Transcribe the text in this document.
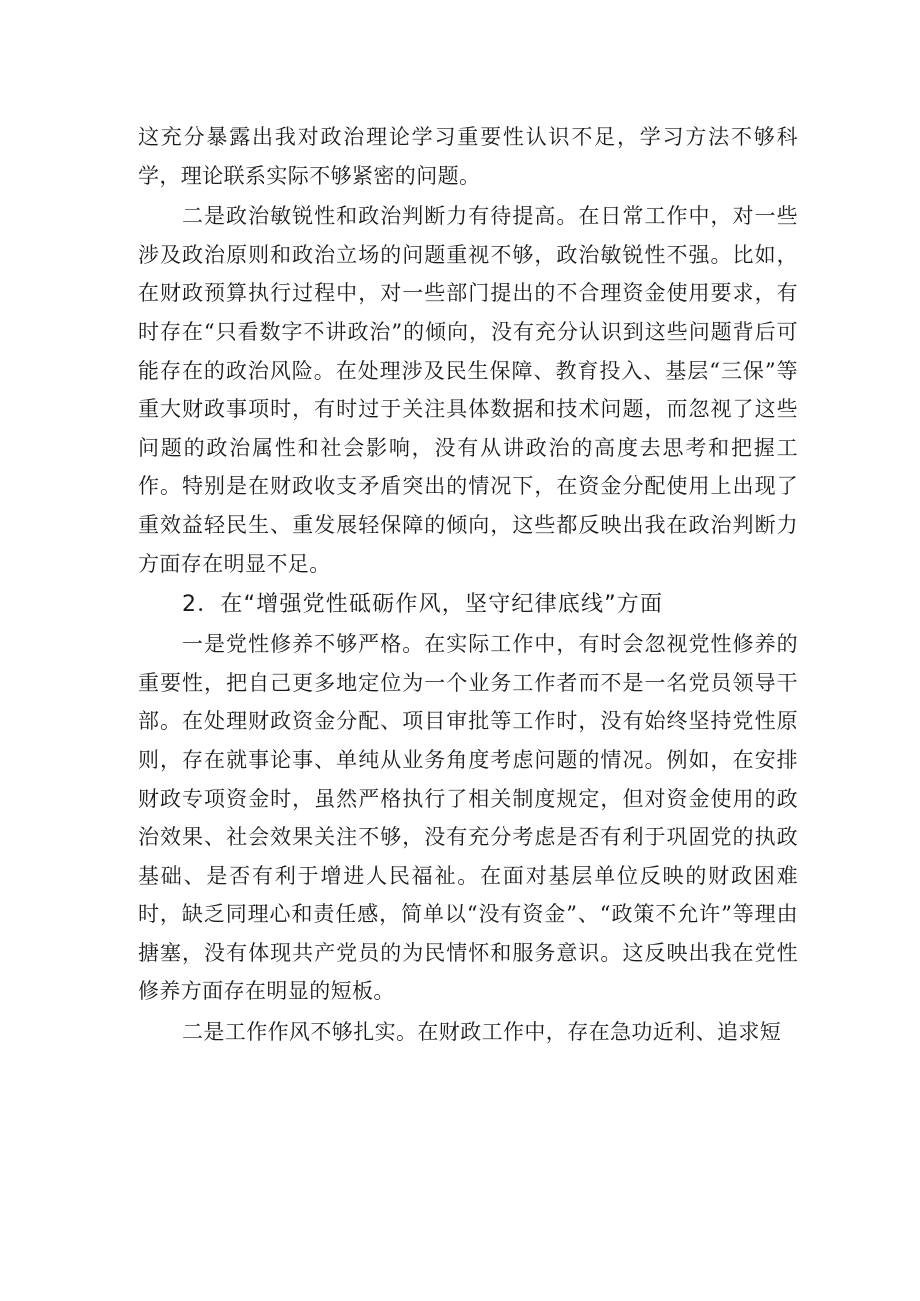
这充分暴露出我对政治理论学习重要性认识不足，学习方法不够科学，理论联系实际不够紧密的问题。

二是政治敏锐性和政治判断力有待提高。在日常工作中，对一些涉及政治原则和政治立场的问题重视不够，政治敏锐性不强。比如，在财政预算执行过程中，对一些部门提出的不合理资金使用要求，有时存在“只看数字不讲政治”的倾向，没有充分认识到这些问题背后可能存在的政治风险。在处理涉及民生保障、教育投入、基层“三保”等重大财政事项时，有时过于关注具体数据和技术问题，而忽视了这些问题的政治属性和社会影响，没有从讲政治的高度去思考和把握工作。特别是在财政收支矛盾突出的情况下，在资金分配使用上出现了重效益轻民生、重发展轻保障的倾向，这些都反映出我在政治判断力方面存在明显不足。

2．在“增强党性砥砺作风，坚守纪律底线”方面

一是党性修养不够严格。在实际工作中，有时会忽视党性修养的重要性，把自己更多地定位为一个业务工作者而不是一名党员领导干部。在处理财政资金分配、项目审批等工作时，没有始终坚持党性原则，存在就事论事、单纯从业务角度考虑问题的情况。例如，在安排财政专项资金时，虽然严格执行了相关制度规定，但对资金使用的政治效果、社会效果关注不够，没有充分考虑是否有利于巩固党的执政基础、是否有利于增进人民福祉。在面对基层单位反映的财政困难时，缺乏同理心和责任感，简单以“没有资金”、“政策不允许”等理由搪塞，没有体现共产党员的为民情怀和服务意识。这反映出我在党性修养方面存在明显的短板。

二是工作作风不够扎实。在财政工作中，存在急功近利、追求短
